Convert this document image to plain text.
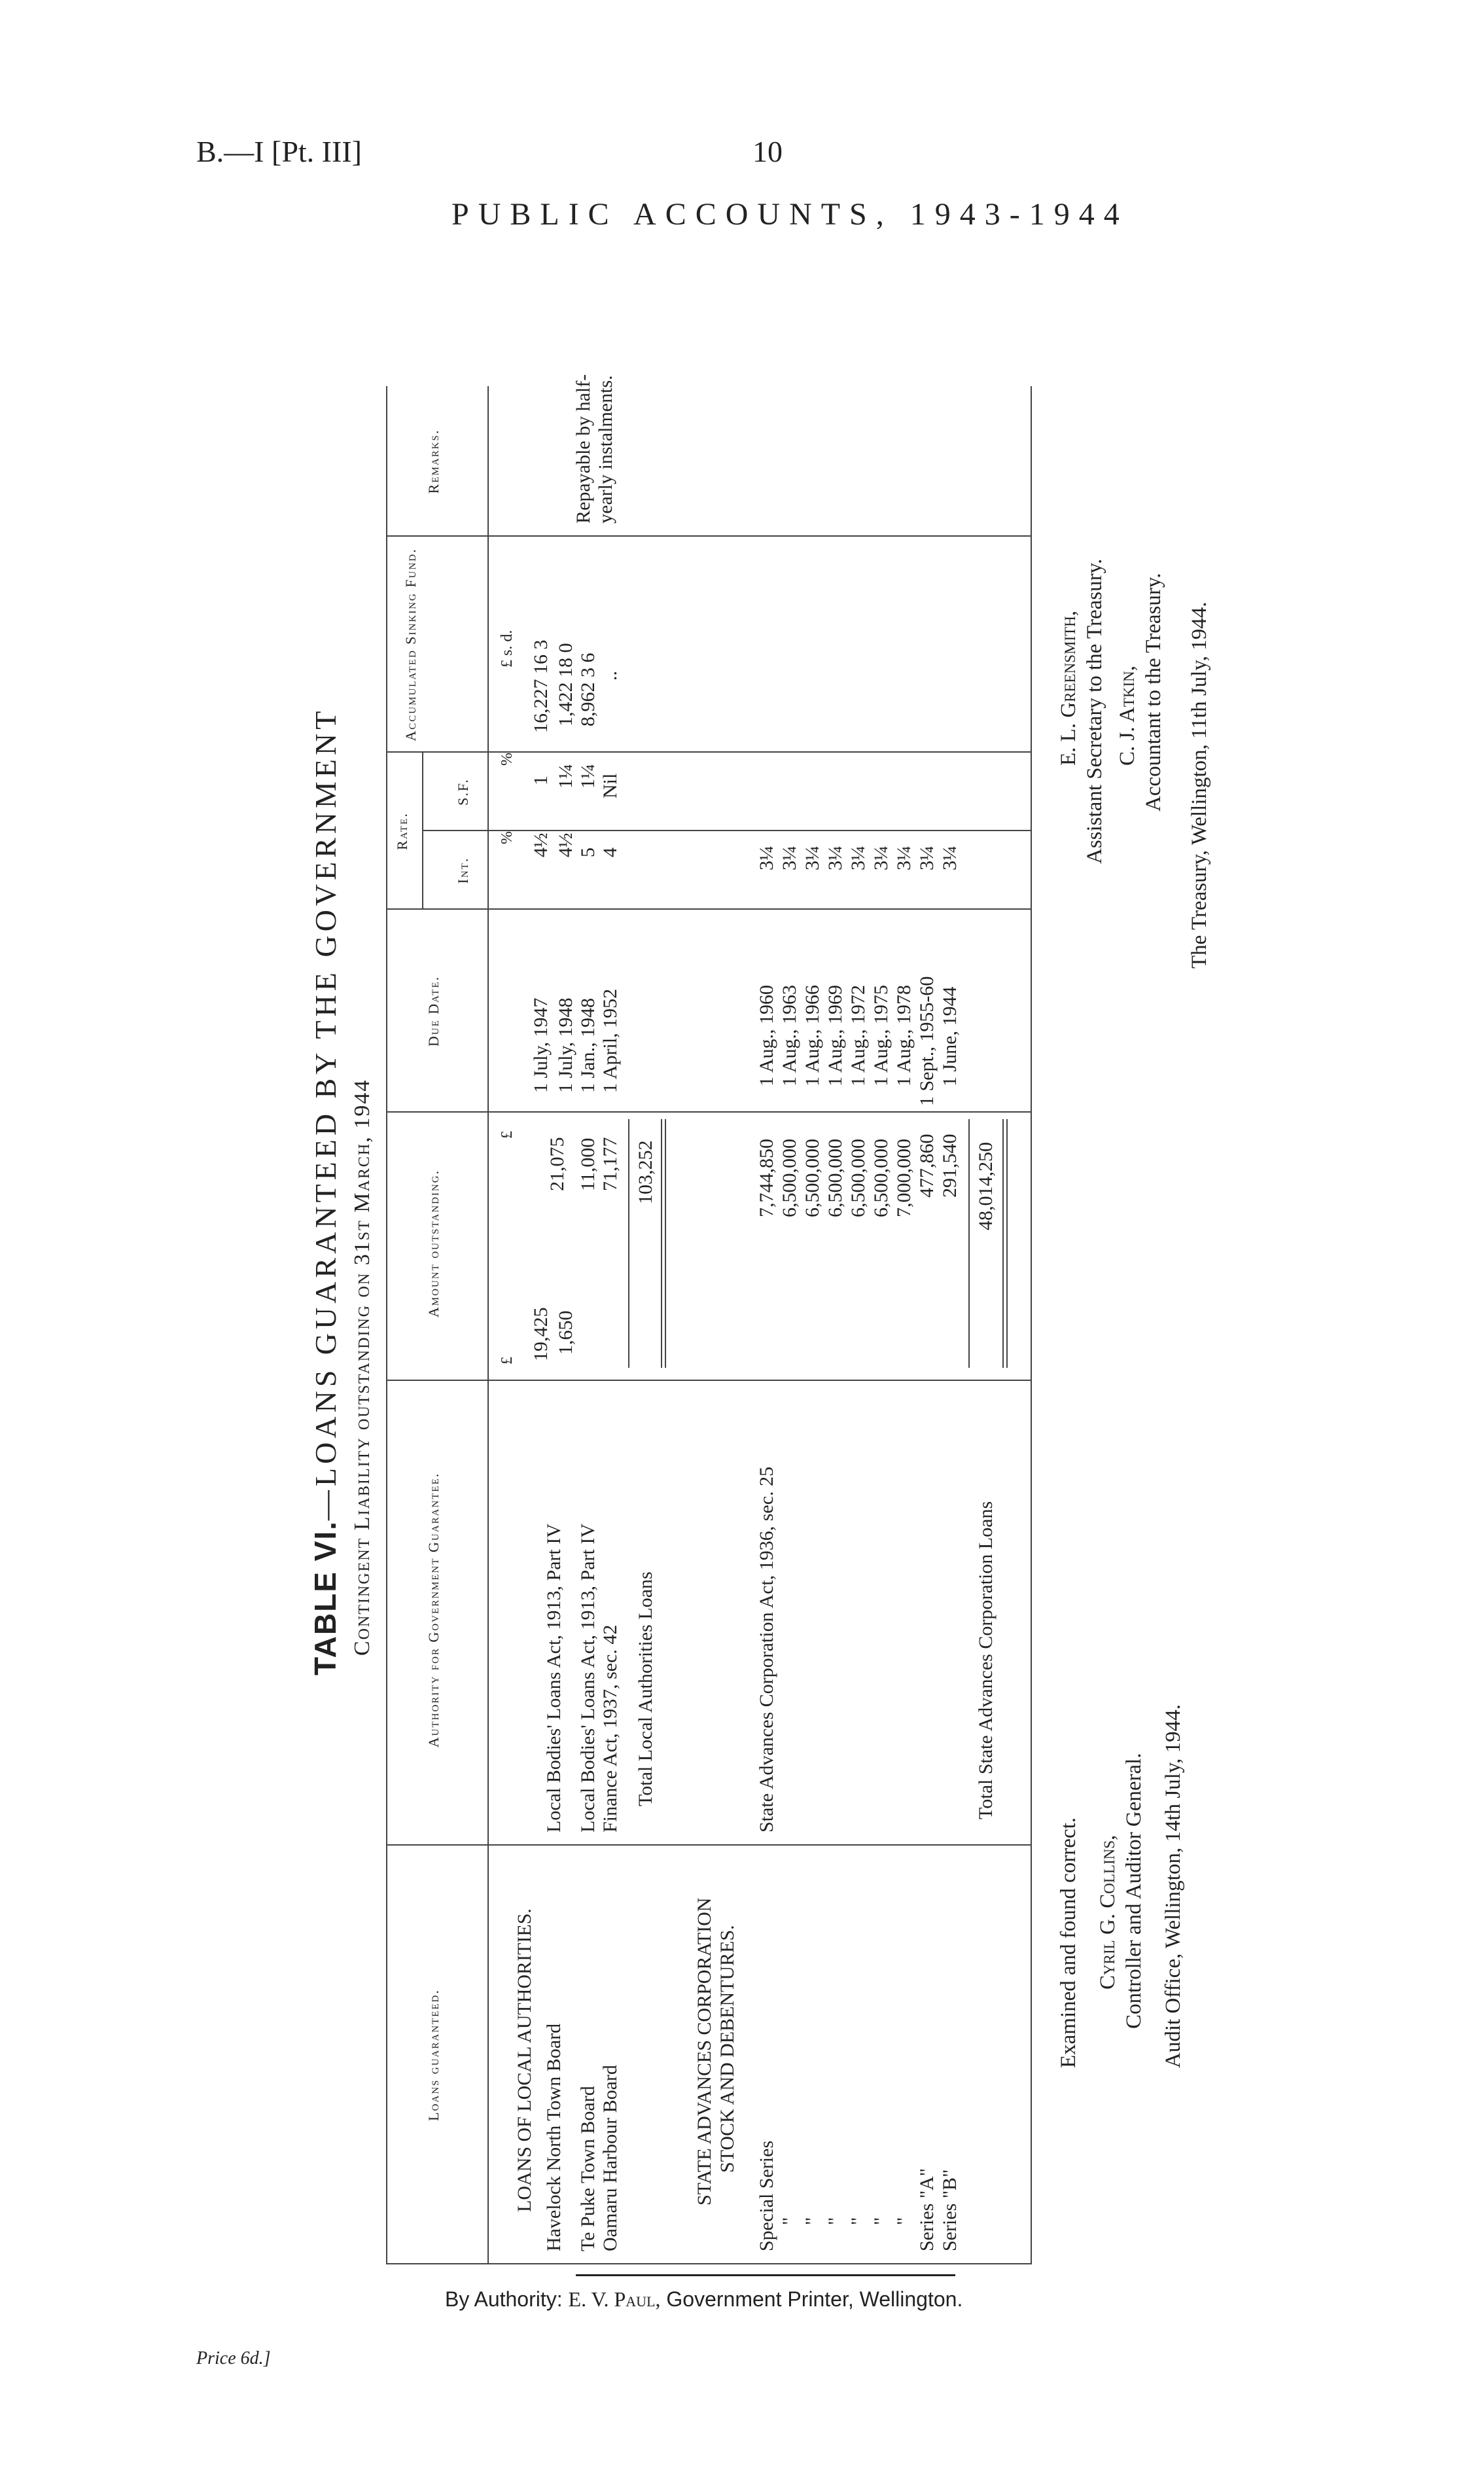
B.—I [Pt. III]	10
PUBLIC ACCOUNTS, 1943-1944
TABLE VI.—LOANS GUARANTEED BY THE GOVERNMENT Contingent Liability outstanding on 31st March, 1944
Loans guaranteed.
Authority for Government Guarantee.
Amount outstanding.
Due Date.
Rate.
Int.
S.F.
Accumulated Sinking Fund.
Remarks.
£
£
%
%
£ s. d.
LOANS OF LOCAL AUTHORITIES. Havelock North Town Board
Local Bodies' Loans Act, 1913, Part IV
19,425
21,075
1 July, 1947
4½
1
16,227 16 3
1,650
1 July, 1948
4½
1¼
1,422 18 0
Te Puke Town Board
Local Bodies' Loans Act, 1913, Part IV
11,000
1 Jan., 1948
5
1¼
8,962 3 6
Oamaru Harbour Board
Finance Act, 1937, sec. 42
71,177
1 April, 1952
4
Nil
..
Repayable by half-yearly instalments.
Total Local Authorities Loans
103,252
STATE ADVANCES CORPORATION STOCK AND DEBENTURES.
Special Series
State Advances Corporation Act, 1936, sec. 25
7,744,850
1 Aug., 1960
3¼
"
6,500,000
1 Aug., 1963
3¼
"
6,500,000
1 Aug., 1966
3¼
"
6,500,000
1 Aug., 1969
3¼
"
6,500,000
1 Aug., 1972
3¼
"
6,500,000
1 Aug., 1975
3¼
"
7,000,000
1 Aug., 1978
3¼
Series "A"
477,860
1 Sept., 1955-60
3¼
Series "B"
291,540
1 June, 1944
3¼
Total State Advances Corporation Loans
48,014,250
Examined and found correct. Cyril G. Collins, Controller and Auditor General. Audit Office, Wellington, 14th July, 1944.
E. L. Greensmith, Assistant Secretary to the Treasury. C. J. Atkin, Accountant to the Treasury. The Treasury, Wellington, 11th July, 1944.
By Authority: E. V. Paul, Government Printer, Wellington.
Price 6d.]
